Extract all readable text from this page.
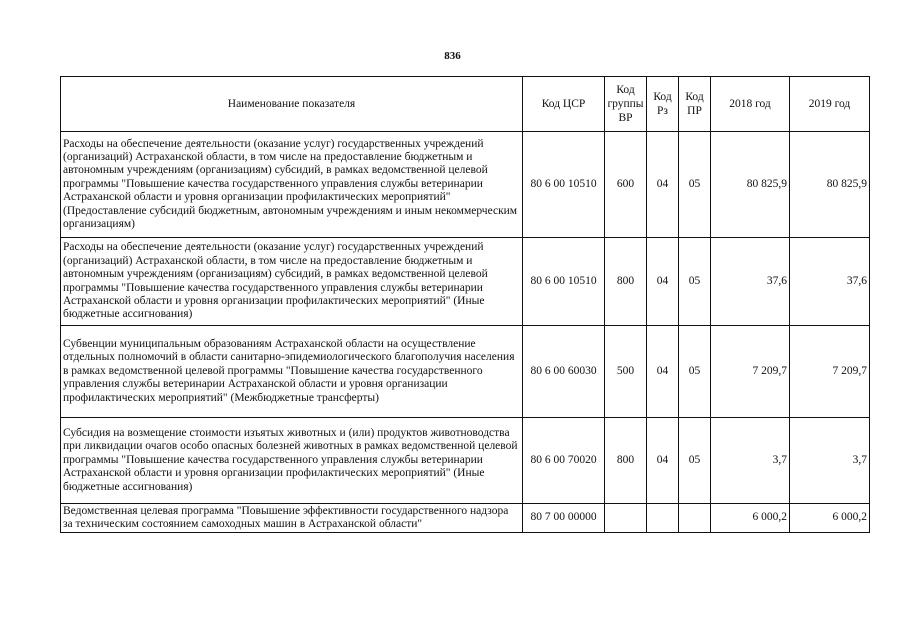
836
Наименование показателя	Код ЦСР	Код группы ВР	Код Рз	Код ПР	2018 год	2019 год
Расходы на обеспечение деятельности (оказание услуг) государственных учреждений (организаций) Астраханской области, в том числе на предоставление бюджетным и автономным учреждениям (организациям) субсидий, в рамках ведомственной целевой программы "Повышение качества государственного управления службы ветеринарии Астраханской области и уровня организации профилактических мероприятий" (Предоставление субсидий бюджетным, автономным учреждениям и иным некоммерческим организациям)	80 6 00 10510	600	04	05	80 825,9	80 825,9
Расходы на обеспечение деятельности (оказание услуг) государственных учреждений (организаций) Астраханской области, в том числе на предоставление бюджетным и автономным учреждениям (организациям) субсидий, в рамках ведомственной целевой программы "Повышение качества государственного управления службы ветеринарии Астраханской области и уровня организации профилактических мероприятий" (Иные бюджетные ассигнования)	80 6 00 10510	800	04	05	37,6	37,6
Субвенции муниципальным образованиям Астраханской области на осуществление отдельных полномочий в области санитарно-эпидемиологического благополучия населения в рамках ведомственной целевой программы "Повышение качества государственного управления службы ветеринарии Астраханской области и уровня организации профилактических мероприятий" (Межбюджетные трансферты)	80 6 00 60030	500	04	05	7 209,7	7 209,7
Субсидия на возмещение стоимости изъятых животных и (или) продуктов животноводства при ликвидации очагов особо опасных болезней животных в рамках ведомственной целевой программы "Повышение качества государственного управления службы ветеринарии Астраханской области и уровня организации профилактических мероприятий" (Иные бюджетные ассигнования)	80 6 00 70020	800	04	05	3,7	3,7
Ведомственная целевая программа "Повышение эффективности государственного надзора за техническим состоянием самоходных машин в Астраханской области"	80 7 00 00000				6 000,2	6 000,2
